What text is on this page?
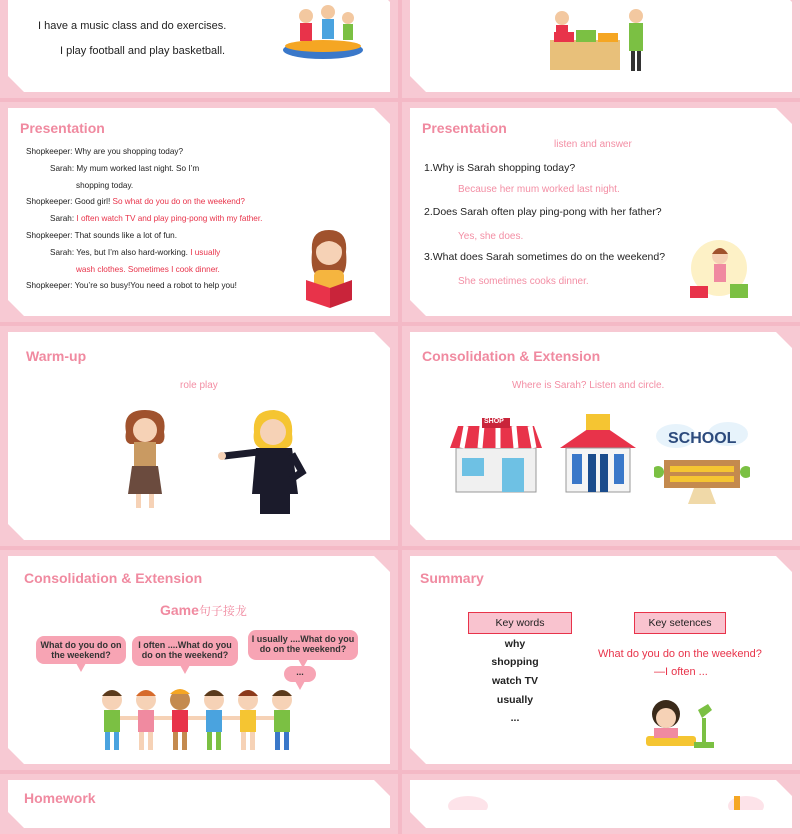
I have a music class and do exercises.
I play football and play basketball.
Presentation
Shopkeeper: Why are you shopping today?
Sarah: My mum worked last night. So I’m
shopping today.
Shopkeeper: Good girl! So what do you do on the weekend?
Sarah: I often watch TV and play ping-pong with my father.
Shopkeeper: That sounds like a lot of fun.
Sarah: Yes, but I’m also hard-working. I usually
wash clothes. Sometimes I cook dinner.
Shopkeeper: You’re so busy!You need a robot to help you!
Presentation
listen and answer
1.Why is Sarah shopping today?
Because her mum worked last night.
2.Does Sarah often play ping-pong with her father?
Yes, she does.
3.What does Sarah sometimes do on the weekend?
She sometimes cooks dinner.
Warm-up
role play
Consolidation & Extension
Where is Sarah? Listen and circle.
SHOP
SCHOOL
Consolidation & Extension
Game句子接龙
What do you do on the weekend?
I often ....What do you do on the weekend?
I usually ....What do you do on the weekend?
...
Summary
Key words	Key setences
why
shopping
watch TV
usually
...
What do you do on the weekend?
—I often ...
Homework
